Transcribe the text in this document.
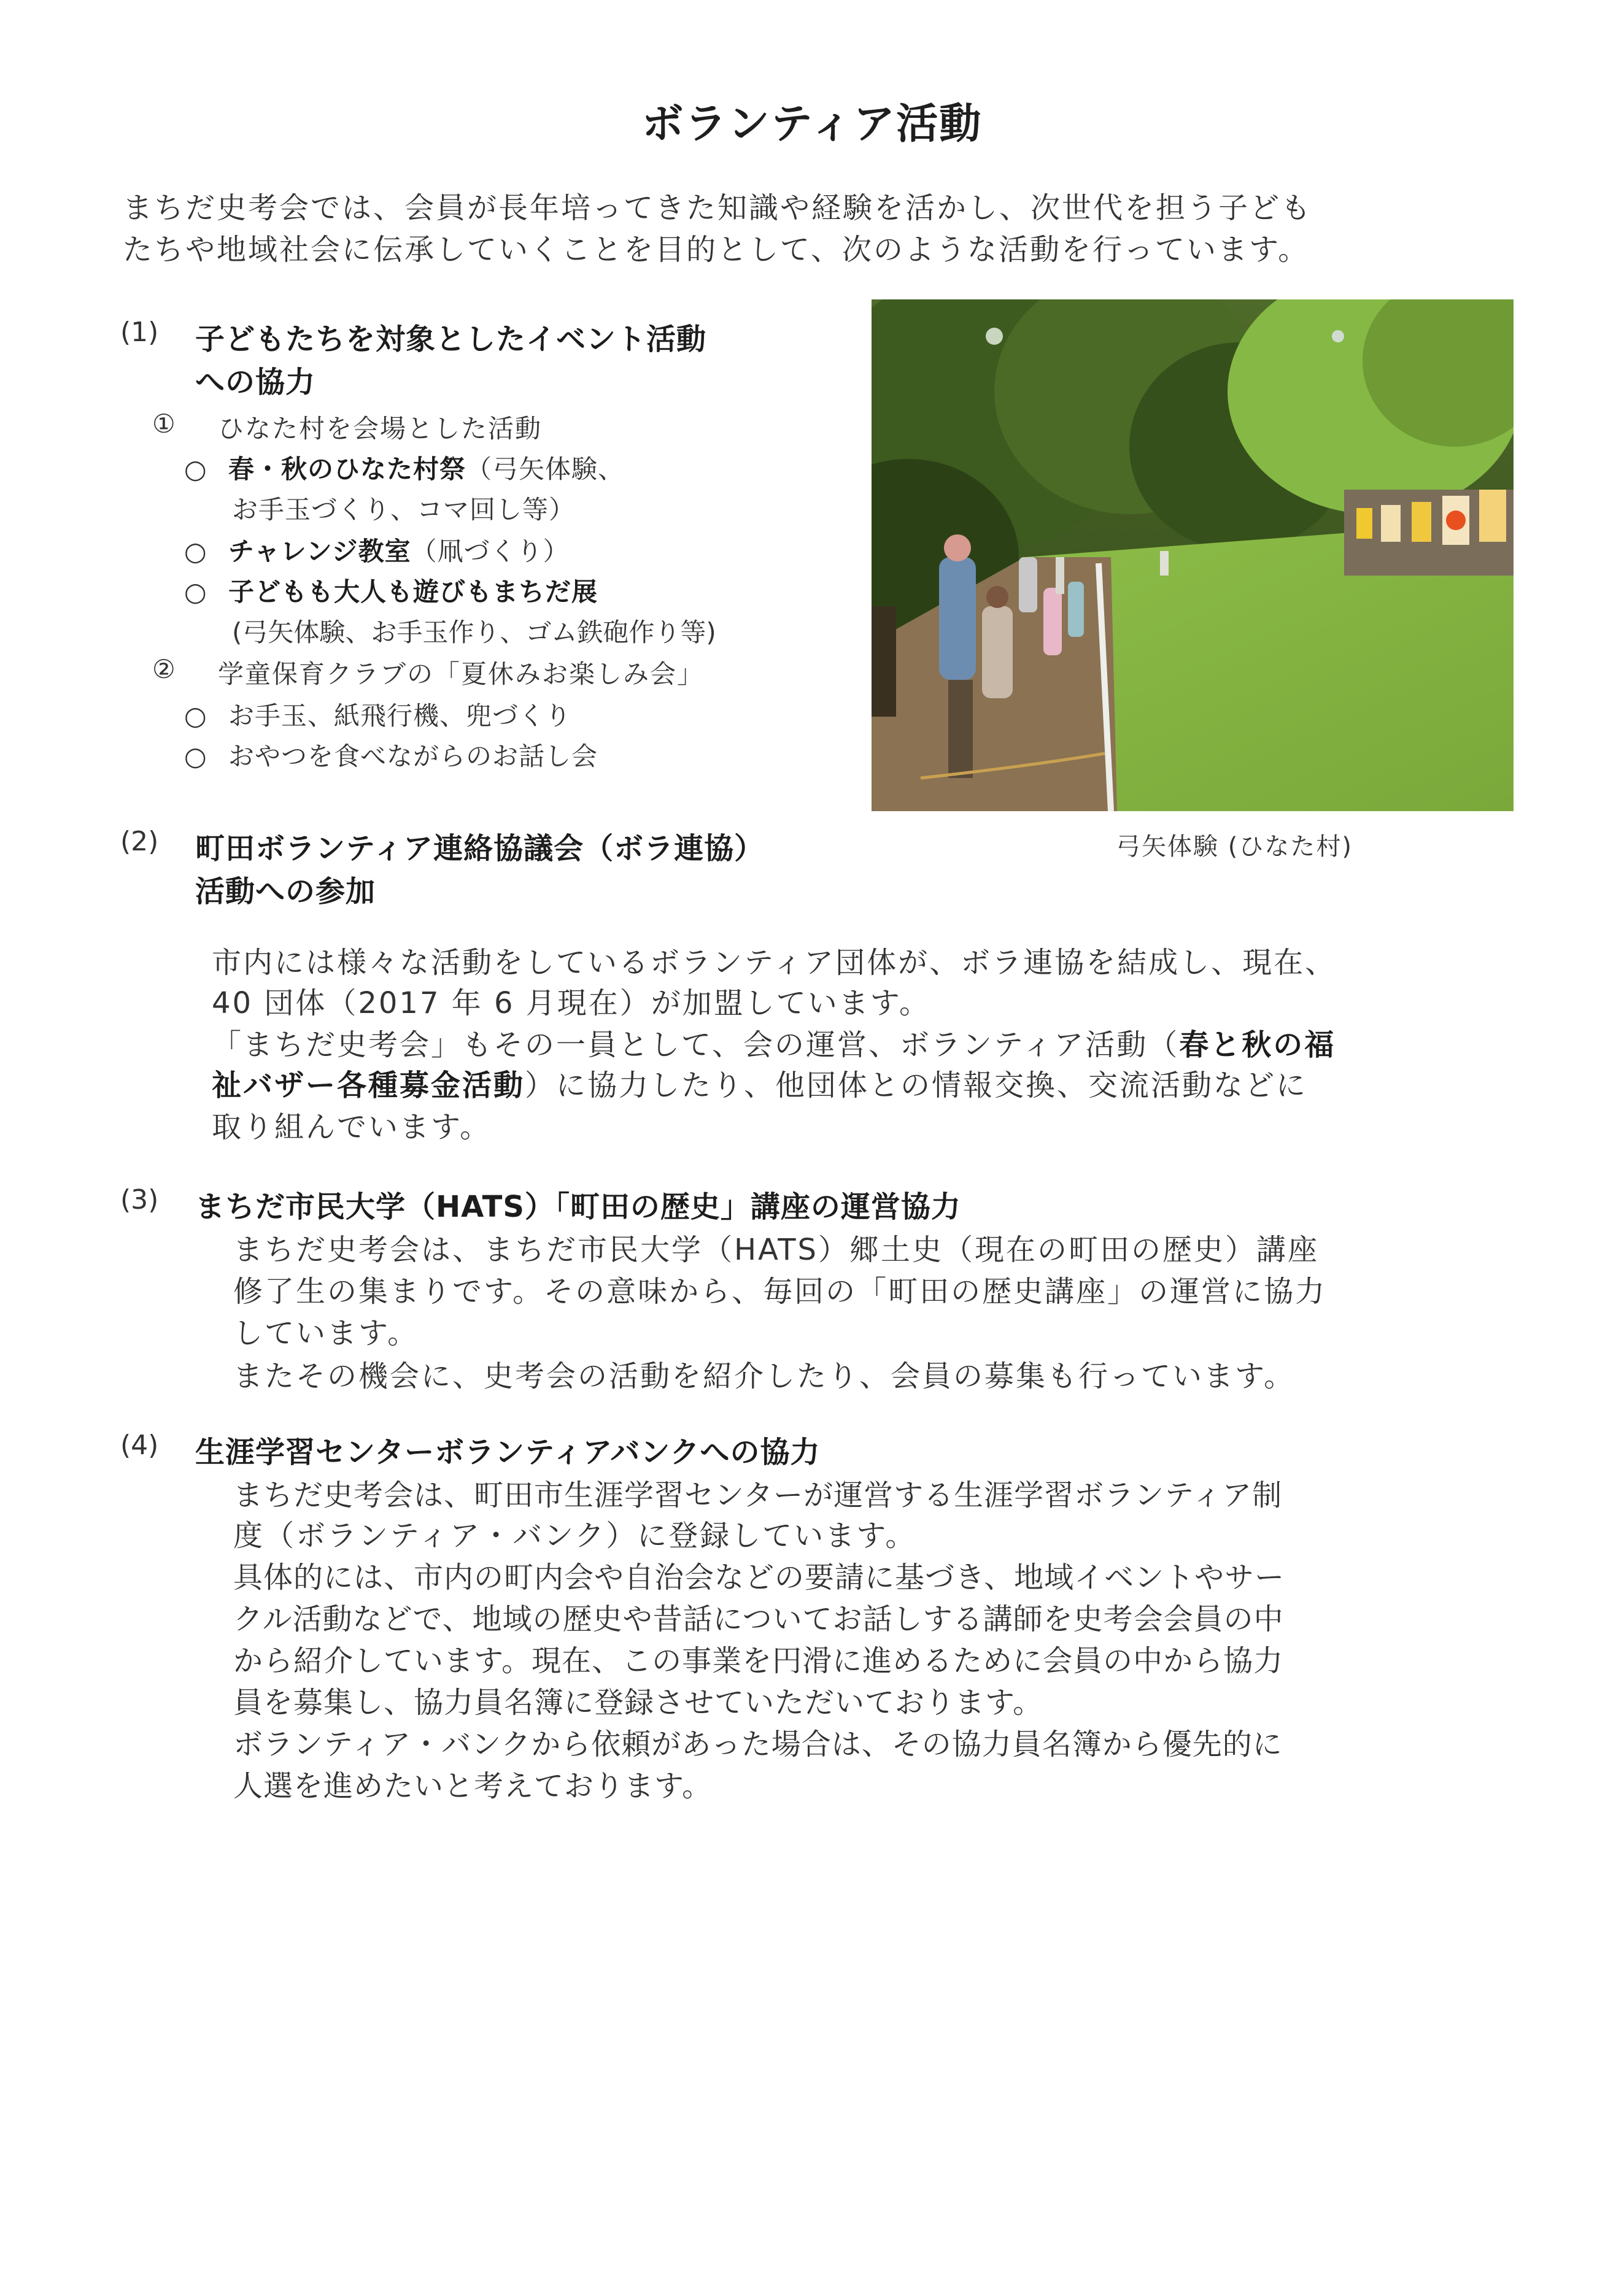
ボランティア活動
まちだ史考会では、会員が長年培ってきた知識や経験を活かし、次世代を担う子ども
たちや地域社会に伝承していくことを目的として、次のような活動を行っています。
(1) 子どもたちを対象としたイベント活動
への協力
① ひなた村を会場とした活動
○ 春・秋のひなた村祭（弓矢体験、
お手玉づくり、コマ回し等）
○ チャレンジ教室（凧づくり）
○ 子どもも大人も遊びもまちだ展
(弓矢体験、お手玉作り、ゴム鉄砲作り等)
② 学童保育クラブの「夏休みお楽しみ会」
○ お手玉、紙飛行機、兜づくり
○ おやつを食べながらのお話し会
弓矢体験 (ひなた村)
(2) 町田ボランティア連絡協議会（ボラ連協）
活動への参加
市内には様々な活動をしているボランティア団体が、ボラ連協を結成し、現在、
40 団体（2017 年 6 月現在）が加盟しています。
「まちだ史考会」もその一員として、会の運営、ボランティア活動（春と秋の福
祉バザー各種募金活動）に協力したり、他団体との情報交換、交流活動などに
取り組んでいます。
(3) まちだ市民大学（HATS）「町田の歴史」講座の運営協力
まちだ史考会は、まちだ市民大学（HATS）郷土史（現在の町田の歴史）講座
修了生の集まりです。その意味から、毎回の「町田の歴史講座」の運営に協力
しています。
またその機会に、史考会の活動を紹介したり、会員の募集も行っています。
(4) 生涯学習センターボランティアバンクへの協力
まちだ史考会は、町田市生涯学習センターが運営する生涯学習ボランティア制
度（ボランティア・バンク）に登録しています。
具体的には、市内の町内会や自治会などの要請に基づき、地域イベントやサー
クル活動などで、地域の歴史や昔話についてお話しする講師を史考会会員の中
から紹介しています。現在、この事業を円滑に進めるために会員の中から協力
員を募集し、協力員名簿に登録させていただいております。
ボランティア・バンクから依頼があった場合は、その協力員名簿から優先的に
人選を進めたいと考えております。
